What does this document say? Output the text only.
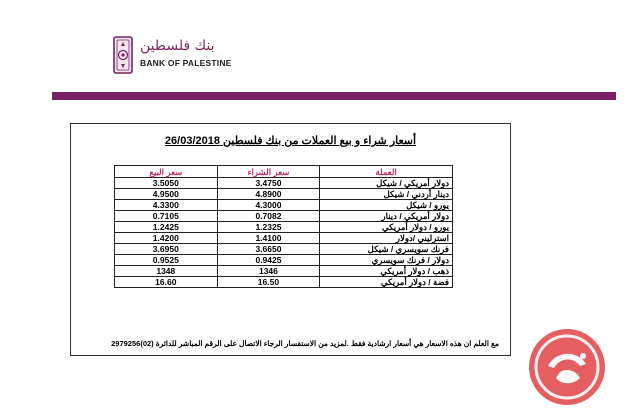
بنك فلسطين
BANK OF PALESTINE
أسعار شراء و بيع العملات من بنك فلسطين 26/03/2018
سعر البيع	سعر الشراء	العملة
3.5050	3.4750	دولار أمريكي / شيكل
4.9500	4.8900	دينار أردني / شيكل
4.3300	4.3000	يورو / شيكل
0.7105	0.7082	دولار أمريكي / دينار
1.2425	1.2325	يورو / دولار أمريكي
1.4200	1.4100	استرليني /دولار
3.6950	3.6650	فرنك سويسري / شيكل
0.9525	0.9425	دولار / فرنك سويسري
1348	1346	ذهب / دولار أمريكي
16.60	16.50	فضة / دولار أمريكي
مع العلم ان هذه الاسعار هي أسعار ارشادية فقط .لمزيد من الاستفسار الرجاء الاتصال على الرقم المباشر للدائرة (02)2979256
